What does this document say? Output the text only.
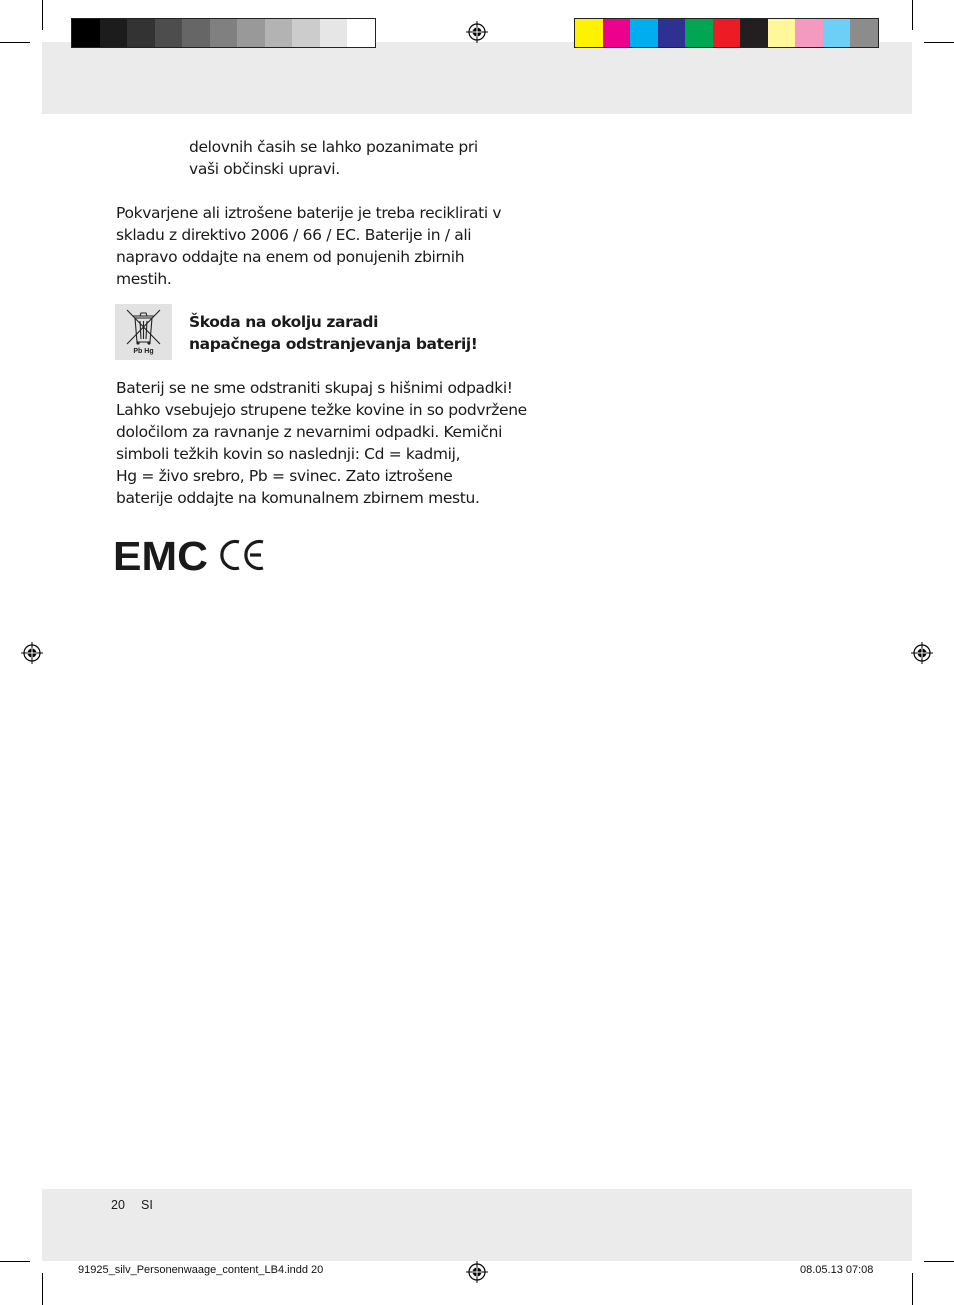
delovnih časih se lahko pozanimate pri
vaši občinski upravi.
Pokvarjene ali iztrošene baterije je treba reciklirati v
skladu z direktivo 2006 / 66 / EC. Baterije in / ali
napravo oddajte na enem od ponujenih zbirnih
mestih.
Pb Hg
Škoda na okolju zaradi
napačnega odstranjevanja baterij!
Baterij se ne sme odstraniti skupaj s hišnimi odpadki!
Lahko vsebujejo strupene težke kovine in so podvržene
določilom za ravnanje z nevarnimi odpadki. Kemični
simboli težkih kovin so naslednji: Cd = kadmij,
Hg = živo srebro, Pb = svinec. Zato iztrošene
baterije oddajte na komunalnem zbirnem mestu.
EMC
20 SI
91925_silv_Personenwaage_content_LB4.indd 20	08.05.13 07:08
